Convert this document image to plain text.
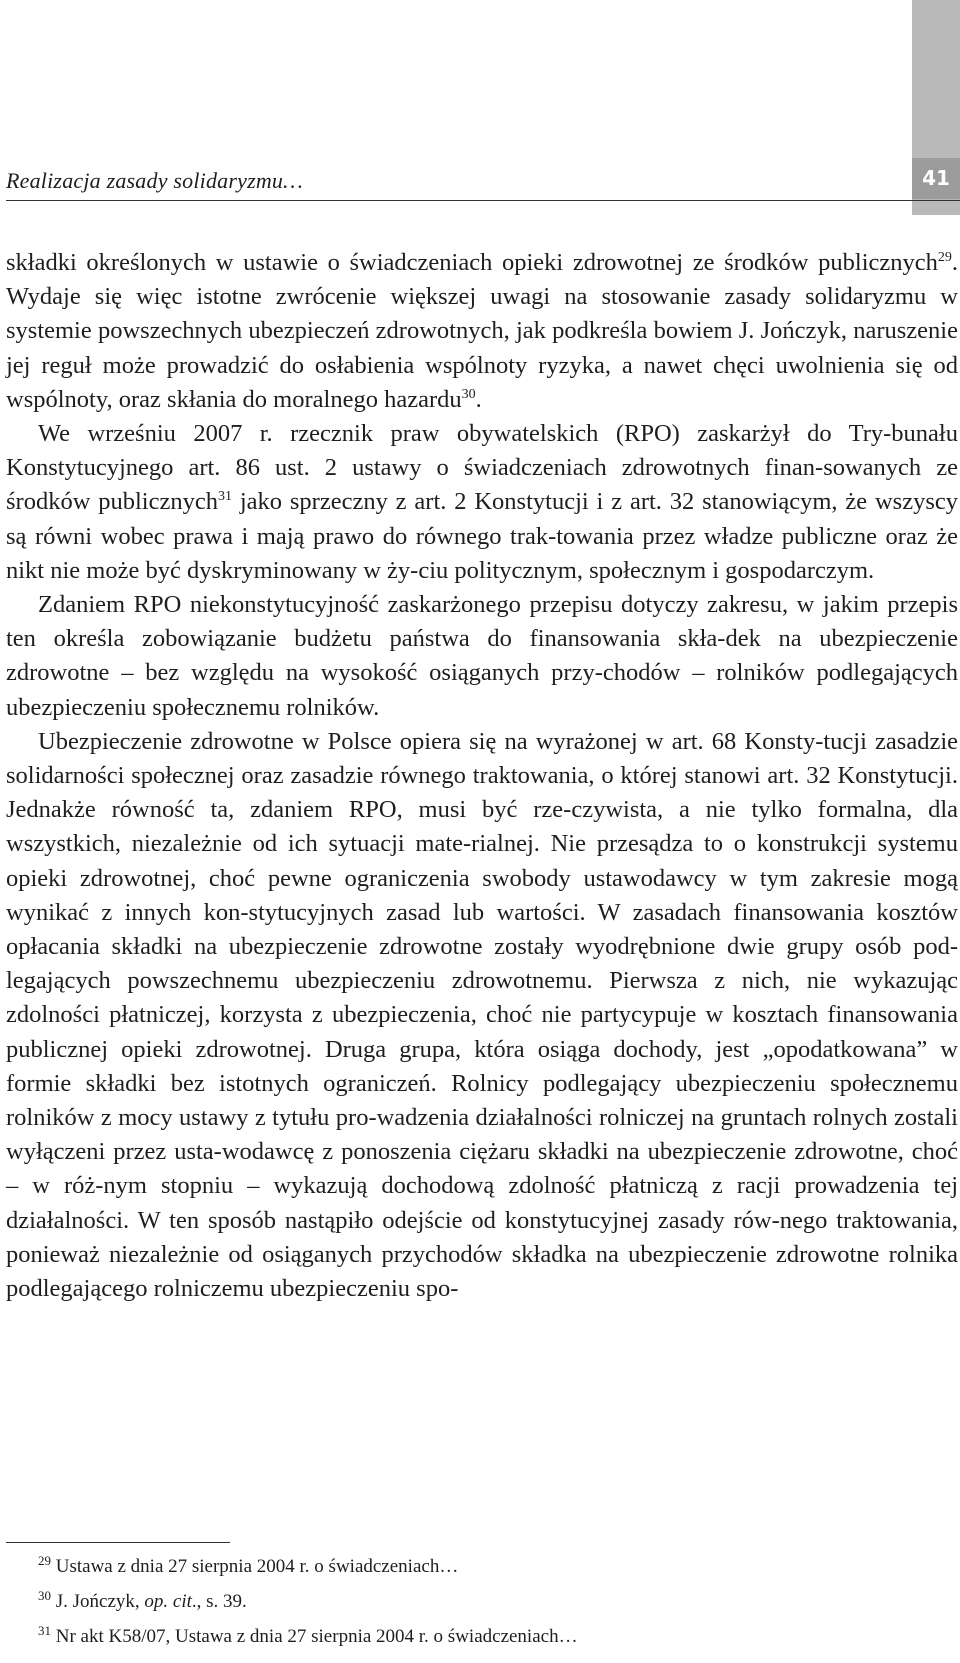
Realizacja zasady solidaryzmu…	41

składki określonych w ustawie o świadczeniach opieki zdrowotnej ze środków publicznych$^{29}$. Wydaje się więc istotne zwrócenie większej uwagi na stosowanie zasady solidaryzmu w systemie powszechnych ubezpieczeń zdrowotnych, jak podkreśla bowiem J. Jończyk, naruszenie jej reguł może prowadzić do osłabienia wspólnoty ryzyka, a nawet chęci uwolnienia się od wspólnoty, oraz skłania do moralnego hazardu$^{30}$.

We wrześniu 2007 r. rzecznik praw obywatelskich (RPO) zaskarżył do Try-bunału Konstytucyjnego art. 86 ust. 2 ustawy o świadczeniach zdrowotnych finan-sowanych ze środków publicznych$^{31}$ jako sprzeczny z art. 2 Konstytucji i z art. 32 stanowiącym, że wszyscy są równi wobec prawa i mają prawo do równego trak-towania przez władze publiczne oraz że nikt nie może być dyskryminowany w ży-ciu politycznym, społecznym i gospodarczym.

Zdaniem RPO niekonstytucyjność zaskarżonego przepisu dotyczy zakresu, w jakim przepis ten określa zobowiązanie budżetu państwa do finansowania skła-dek na ubezpieczenie zdrowotne – bez względu na wysokość osiąganych przy-chodów – rolników podlegających ubezpieczeniu społecznemu rolników.

Ubezpieczenie zdrowotne w Polsce opiera się na wyrażonej w art. 68 Konsty-tucji zasadzie solidarności społecznej oraz zasadzie równego traktowania, o której stanowi art. 32 Konstytucji. Jednakże równość ta, zdaniem RPO, musi być rze-czywista, a nie tylko formalna, dla wszystkich, niezależnie od ich sytuacji mate-rialnej. Nie przesądza to o konstrukcji systemu opieki zdrowotnej, choć pewne ograniczenia swobody ustawodawcy w tym zakresie mogą wynikać z innych kon-stytucyjnych zasad lub wartości. W zasadach finansowania kosztów opłacania składki na ubezpieczenie zdrowotne zostały wyodrębnione dwie grupy osób pod-legających powszechnemu ubezpieczeniu zdrowotnemu. Pierwsza z nich, nie wykazując zdolności płatniczej, korzysta z ubezpieczenia, choć nie partycypuje w kosztach finansowania publicznej opieki zdrowotnej. Druga grupa, która osiąga dochody, jest „opodatkowana” w formie składki bez istotnych ograniczeń. Rolnicy podlegający ubezpieczeniu społecznemu rolników z mocy ustawy z tytułu pro-wadzenia działalności rolniczej na gruntach rolnych zostali wyłączeni przez usta-wodawcę z ponoszenia ciężaru składki na ubezpieczenie zdrowotne, choć – w róż-nym stopniu – wykazują dochodową zdolność płatniczą z racji prowadzenia tej działalności. W ten sposób nastąpiło odejście od konstytucyjnej zasady rów-nego traktowania, ponieważ niezależnie od osiąganych przychodów składka na ubezpieczenie zdrowotne rolnika podlegającego rolniczemu ubezpieczeniu spo-

$^{29}$ Ustawa z dnia 27 sierpnia 2004 r. o świadczeniach…
$^{30}$ J. Jończyk, op. cit., s. 39.
$^{31}$ Nr akt K58/07, Ustawa z dnia 27 sierpnia 2004 r. o świadczeniach…
